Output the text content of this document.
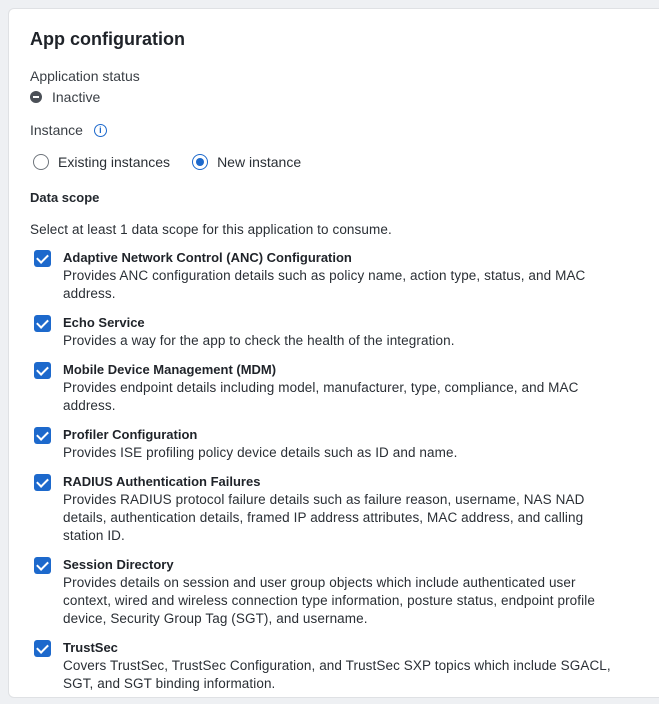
App configuration
Application status
Inactive
Instance	i
Existing instances	New instance
Data scope
Select at least 1 data scope for this application to consume.
Adaptive Network Control (ANC) Configuration
Provides ANC configuration details such as policy name, action type, status, and MAC address.
Echo Service
Provides a way for the app to check the health of the integration.
Mobile Device Management (MDM)
Provides endpoint details including model, manufacturer, type, compliance, and MAC address.
Profiler Configuration
Provides ISE profiling policy device details such as ID and name.
RADIUS Authentication Failures
Provides RADIUS protocol failure details such as failure reason, username, NAS NAD details, authentication details, framed IP address attributes, MAC address, and calling station ID.
Session Directory
Provides details on session and user group objects which include authenticated user context, wired and wireless connection type information, posture status, endpoint profile device, Security Group Tag (SGT), and username.
TrustSec
Covers TrustSec, TrustSec Configuration, and TrustSec SXP topics which include SGACL, SGT, and SGT binding information.
